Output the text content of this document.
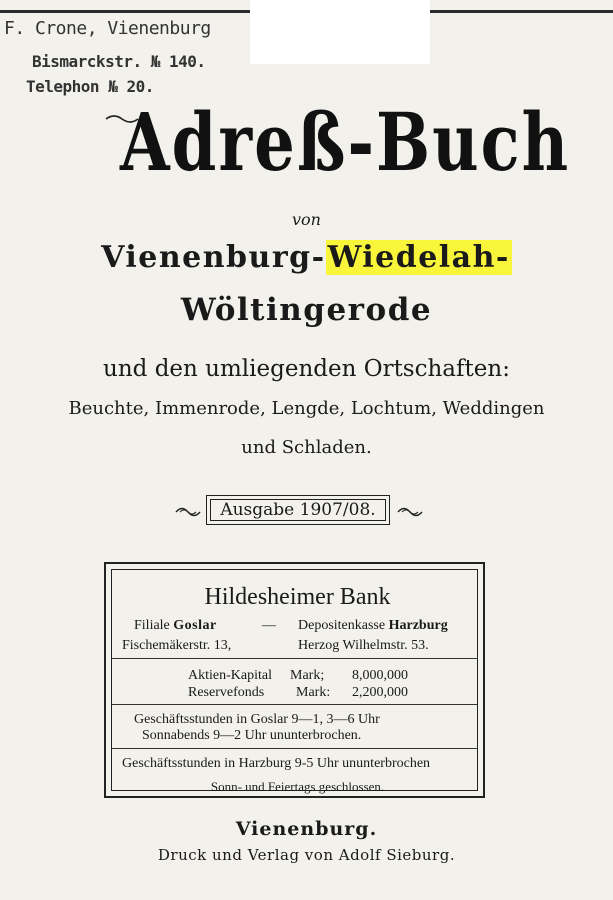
F. Crone, Vienenburg
Bismarckstr. № 140.
Telephon № 20.
Adreß-Buch
von
Vienenburg-Wiedelah-
Wöltingerode
und den umliegenden Ortschaften:
Beuchte, Immenrode, Lengde, Lochtum, Weddingen
und Schladen.
Ausgabe 1907/08.
Hildesheimer Bank
Filiale Goslar	— Depositenkasse Harzburg
Fischemäkerstr. 13,	Herzog Wilhelmstr. 53.
Aktien-Kapital Mark; 8,000,000
Reservefonds Mark: 2,200,000
Geschäftsstunden in Goslar 9—1, 3—6 Uhr
Sonnabends 9—2 Uhr ununterbrochen.
Geschäftsstunden in Harzburg 9-5 Uhr ununterbrochen
Sonn- und Feiertags geschlossen.
Vienenburg.
Druck und Verlag von Adolf Sieburg.
